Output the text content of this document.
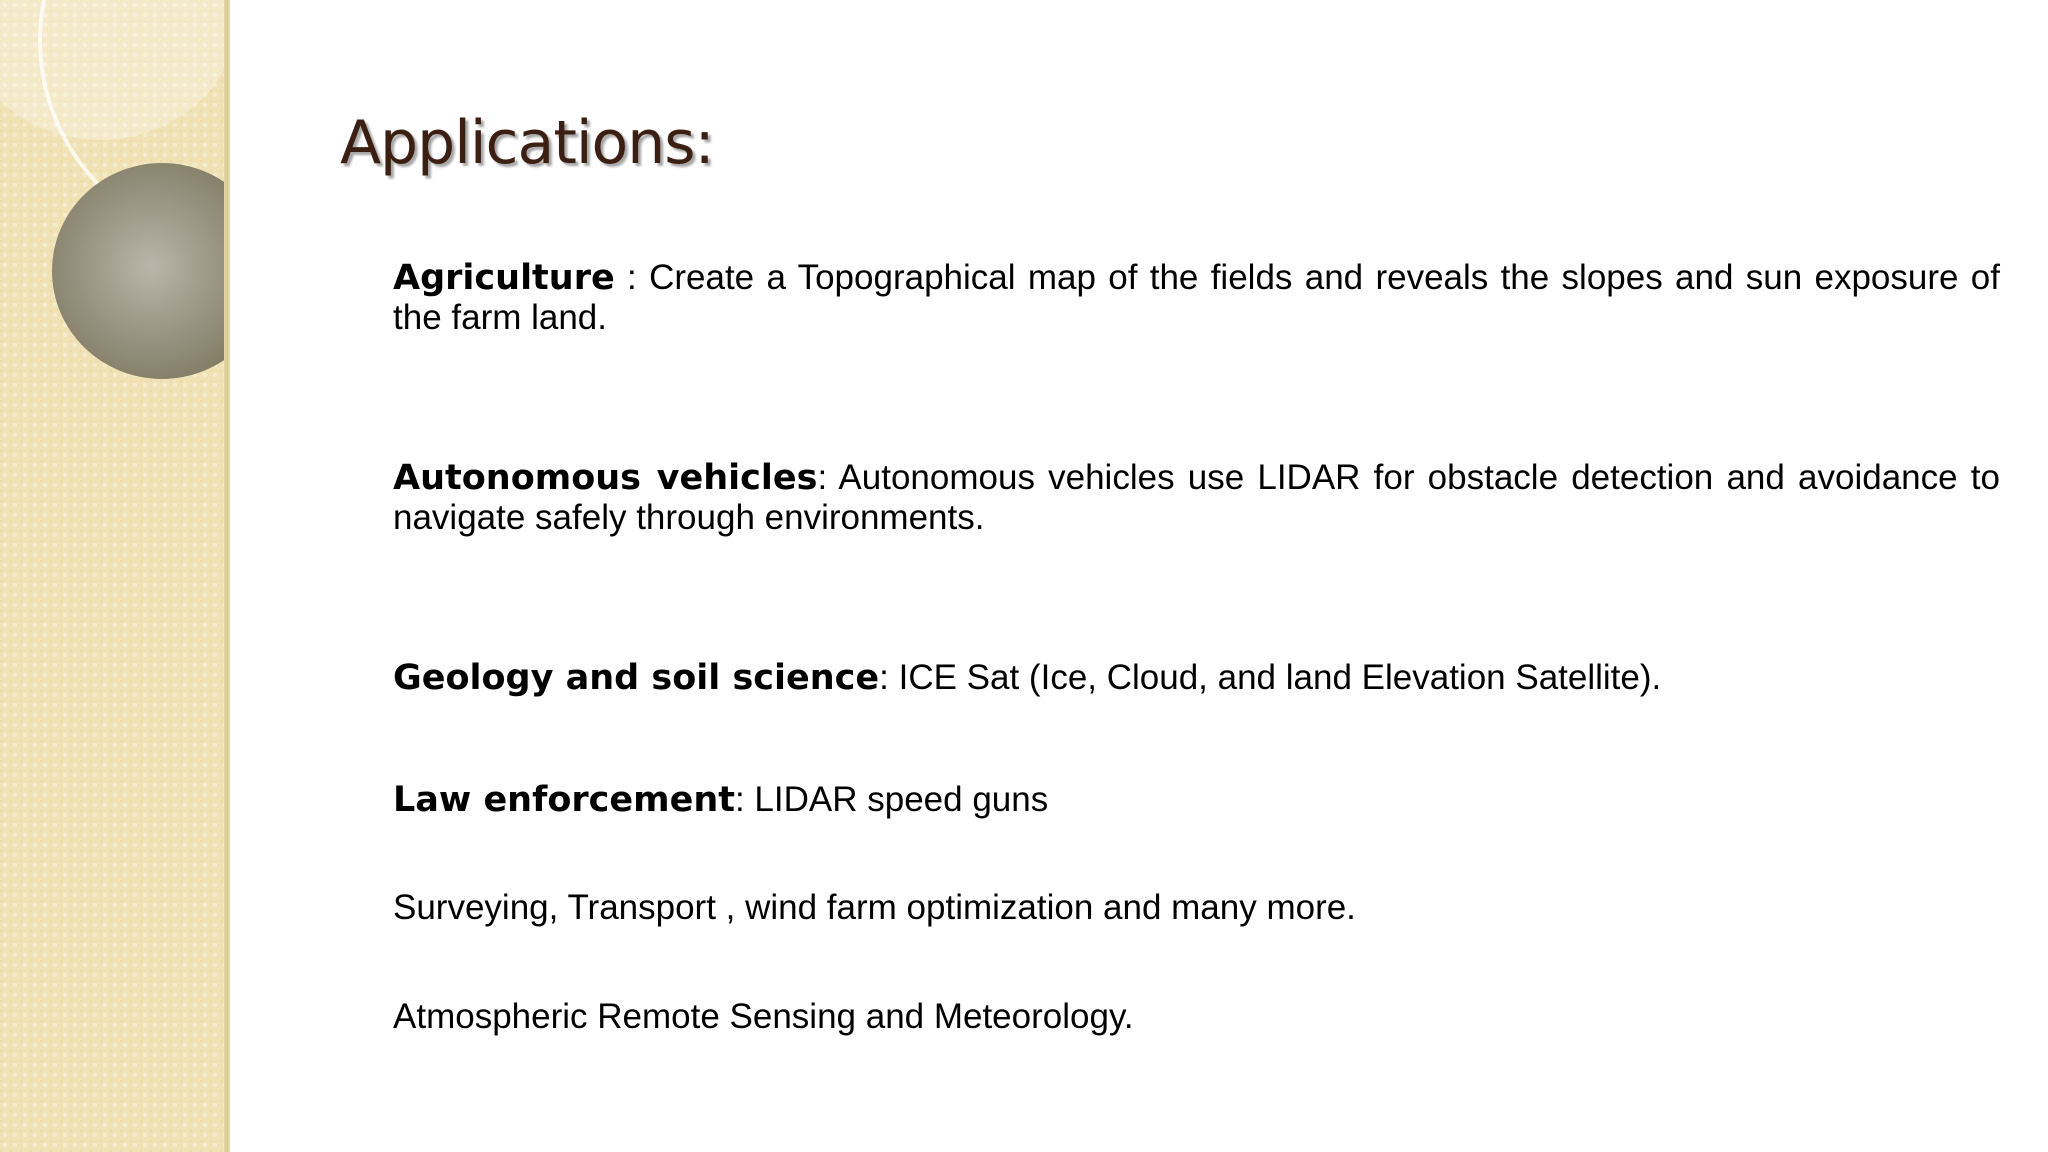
Applications:

Agriculture : Create a Topographical map of the fields and reveals the slopes and sun exposure of the farm land.

Autonomous vehicles: Autonomous vehicles use LIDAR for obstacle detection and avoidance to navigate safely through environments.

Geology and soil science: ICE Sat (Ice, Cloud, and land Elevation Satellite).

Law enforcement: LIDAR speed guns

Surveying, Transport , wind farm optimization and many more.

Atmospheric Remote Sensing and Meteorology.
